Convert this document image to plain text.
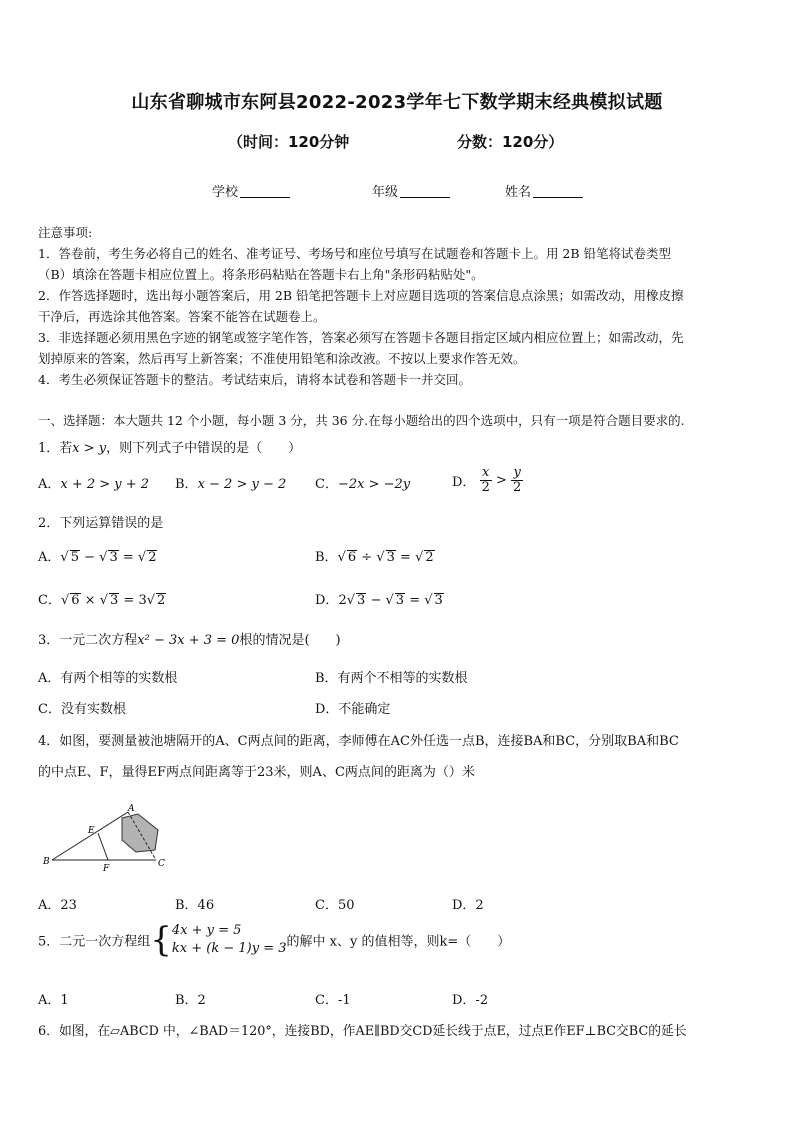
山东省聊城市东阿县2022-2023学年七下数学期末经典模拟试题
（时间：120分钟	分数：120分）
学校	年级	姓名
注意事项:
1．答卷前，考生务必将自己的姓名、准考证号、考场号和座位号填写在试题卷和答题卡上。用 2B 铅笔将试卷类型
（B）填涂在答题卡相应位置上。将条形码粘贴在答题卡右上角"条形码粘贴处"。
2．作答选择题时，选出每小题答案后，用 2B 铅笔把答题卡上对应题目选项的答案信息点涂黑；如需改动，用橡皮擦
干净后，再选涂其他答案。答案不能答在试题卷上。
3．非选择题必须用黑色字迹的钢笔或签字笔作答，答案必须写在答题卡各题目指定区域内相应位置上；如需改动，先
划掉原来的答案，然后再写上新答案；不准使用铅笔和涂改液。不按以上要求作答无效。
4．考生必须保证答题卡的整洁。考试结束后，请将本试卷和答题卡一并交回。
一、选择题：本大题共 12 个小题，每小题 3 分，共 36 分.在每小题给出的四个选项中，只有一项是符合题目要求的.
1．若x > y，则下列式子中错误的是（　　）
A．x + 2 > y + 2 B．x − 2 > y − 2 C．−2x > −2y	D． $\frac{x}{2} > \frac{y}{2}$
2．下列运算错误的是
A．√ 5 − √ 3 = √ 2	B．√ 6 ÷ √ 3 = √ 2
C．√ 6 × √ 3 = 3√ 2	D．2√ 3 − √ 3 = √ 3
3．一元二次方程x² − 3x + 3 = 0根的情况是(　　)
A．有两个相等的实数根	B．有两个不相等的实数根
C．没有实数根	D．不能确定
4．如图，要测量被池塘隔开的A、C两点间的距离，李师傅在AC外任选一点B，连接BA和BC，分别取BA和BC
的中点E、F，量得EF两点间距离等于23米，则A、C两点间的距离为（）米
A
E
B
F	C
A．23	B．46	C．50	D．2
5．二元一次方程组{ 4x + y = 5
kx + (k − 1)y = 3 的解中 x、y 的值相等，则k=（　　）
A．1	B．2	C．-1	D．-2
6．如图，在▱ABCD 中，∠BAD＝120°，连接BD，作AE∥BD交CD延长线于点E，过点E作EF⊥BC交BC的延长
